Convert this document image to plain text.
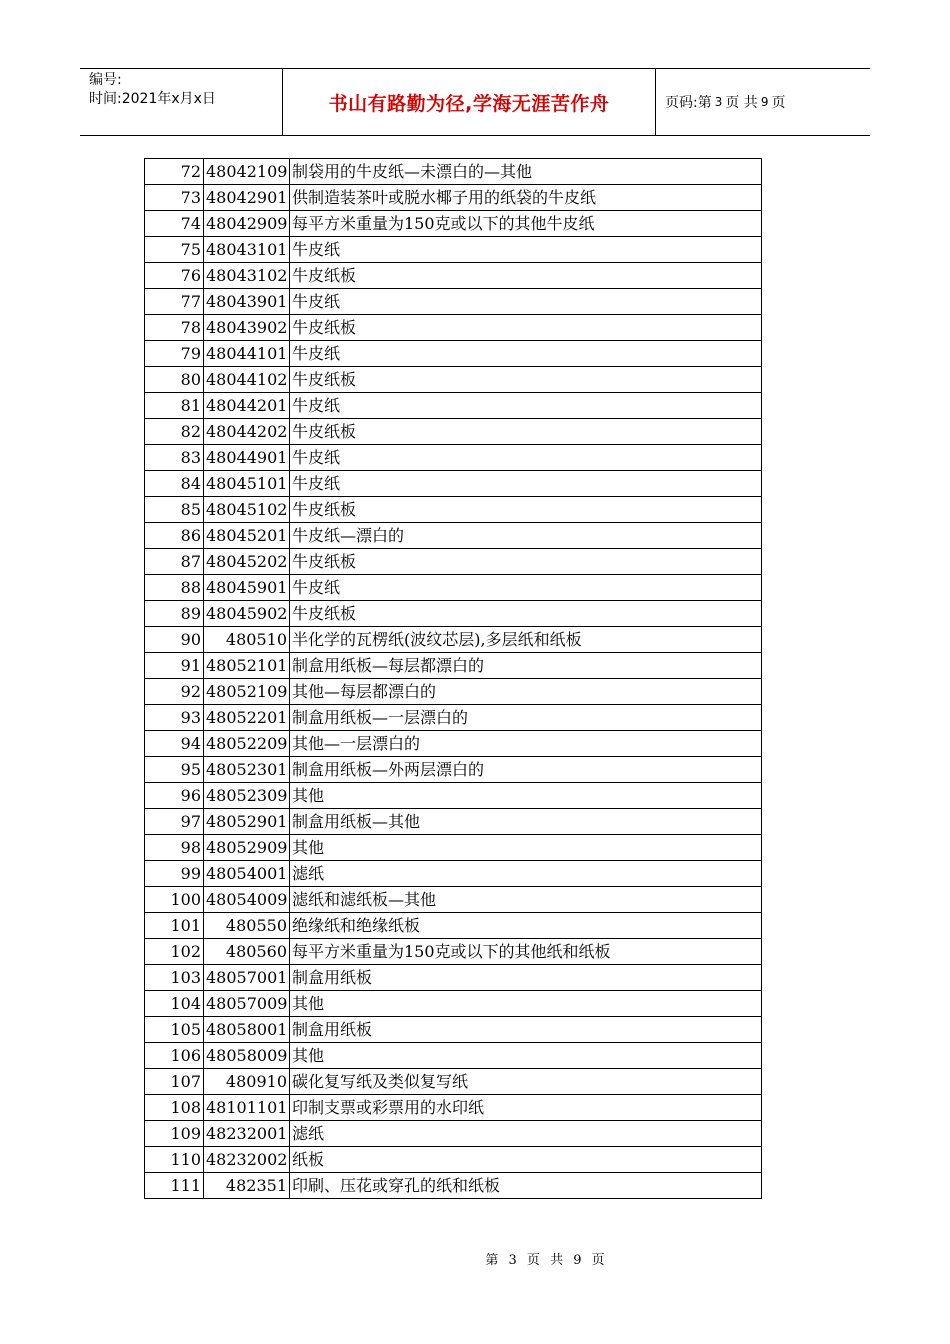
编号:
时间:2021年x月x日	书山有路勤为径,学海无涯苦作舟	页码:第 3 页 共 9 页
72	48042109	制袋用的牛皮纸—未漂白的—其他
73	48042901	供制造装茶叶或脱水椰子用的纸袋的牛皮纸
74	48042909	每平方米重量为150克或以下的其他牛皮纸
75	48043101	牛皮纸
76	48043102	牛皮纸板
77	48043901	牛皮纸
78	48043902	牛皮纸板
79	48044101	牛皮纸
80	48044102	牛皮纸板
81	48044201	牛皮纸
82	48044202	牛皮纸板
83	48044901	牛皮纸
84	48045101	牛皮纸
85	48045102	牛皮纸板
86	48045201	牛皮纸—漂白的
87	48045202	牛皮纸板
88	48045901	牛皮纸
89	48045902	牛皮纸板
90	480510	半化学的瓦楞纸(波纹芯层),多层纸和纸板
91	48052101	制盒用纸板—每层都漂白的
92	48052109	其他—每层都漂白的
93	48052201	制盒用纸板—一层漂白的
94	48052209	其他—一层漂白的
95	48052301	制盒用纸板—外两层漂白的
96	48052309	其他
97	48052901	制盒用纸板—其他
98	48052909	其他
99	48054001	滤纸
100	48054009	滤纸和滤纸板—其他
101	480550	绝缘纸和绝缘纸板
102	480560	每平方米重量为150克或以下的其他纸和纸板
103	48057001	制盒用纸板
104	48057009	其他
105	48058001	制盒用纸板
106	48058009	其他
107	480910	碳化复写纸及类似复写纸
108	48101101	印制支票或彩票用的水印纸
109	48232001	滤纸
110	48232002	纸板
111	482351	印刷、压花或穿孔的纸和纸板
第 3 页 共 9 页
